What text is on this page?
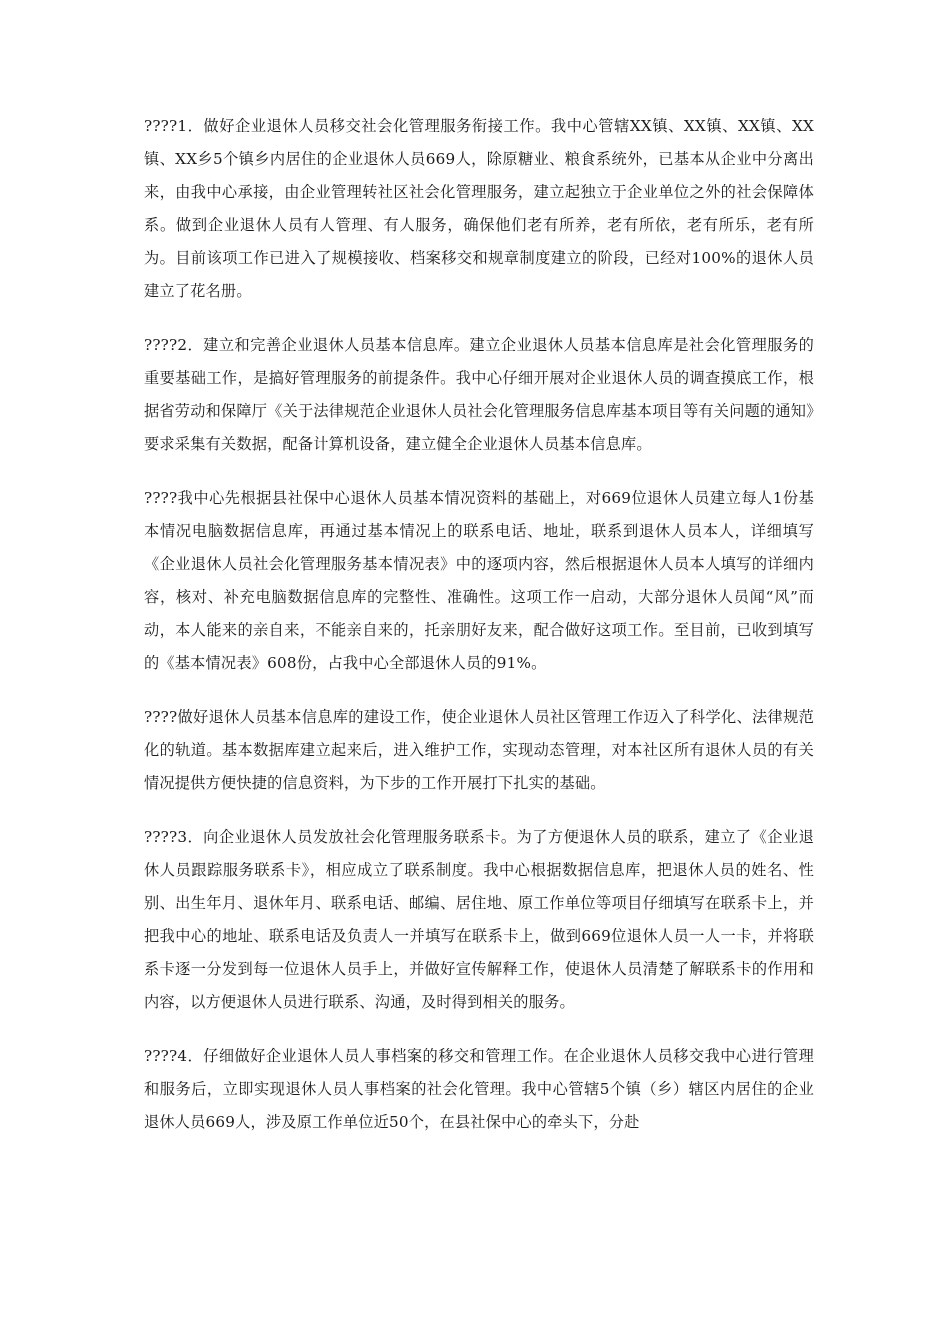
????1．做好企业退休人员移交社会化管理服务衔接工作。我中心管辖XX镇、XX镇、XX镇、XX镇、XX乡5个镇乡内居住的企业退休人员669人，除原糖业、粮食系统外，已基本从企业中分离出来，由我中心承接，由企业管理转社区社会化管理服务，建立起独立于企业单位之外的社会保障体系。做到企业退休人员有人管理、有人服务，确保他们老有所养，老有所依，老有所乐，老有所为。目前该项工作已进入了规模接收、档案移交和规章制度建立的阶段，已经对100%的退休人员建立了花名册。

????2．建立和完善企业退休人员基本信息库。建立企业退休人员基本信息库是社会化管理服务的重要基础工作，是搞好管理服务的前提条件。我中心仔细开展对企业退休人员的调查摸底工作，根据省劳动和保障厅《关于法律规范企业退休人员社会化管理服务信息库基本项目等有关问题的通知》要求采集有关数据，配备计算机设备，建立健全企业退休人员基本信息库。

????我中心先根据县社保中心退休人员基本情况资料的基础上，对669位退休人员建立每人1份基本情况电脑数据信息库，再通过基本情况上的联系电话、地址，联系到退休人员本人，详细填写《企业退休人员社会化管理服务基本情况表》中的逐项内容，然后根据退休人员本人填写的详细内容，核对、补充电脑数据信息库的完整性、准确性。这项工作一启动，大部分退休人员闻“风”而动，本人能来的亲自来，不能亲自来的，托亲朋好友来，配合做好这项工作。至目前，已收到填写的《基本情况表》608份，占我中心全部退休人员的91%。

????做好退休人员基本信息库的建设工作，使企业退休人员社区管理工作迈入了科学化、法律规范化的轨道。基本数据库建立起来后，进入维护工作，实现动态管理，对本社区所有退休人员的有关情况提供方便快捷的信息资料，为下步的工作开展打下扎实的基础。

????3．向企业退休人员发放社会化管理服务联系卡。为了方便退休人员的联系，建立了《企业退休人员跟踪服务联系卡》，相应成立了联系制度。我中心根据数据信息库，把退休人员的姓名、性别、出生年月、退休年月、联系电话、邮编、居住地、原工作单位等项目仔细填写在联系卡上，并把我中心的地址、联系电话及负责人一并填写在联系卡上，做到669位退休人员一人一卡，并将联系卡逐一分发到每一位退休人员手上，并做好宣传解释工作，使退休人员清楚了解联系卡的作用和内容，以方便退休人员进行联系、沟通，及时得到相关的服务。

????4．仔细做好企业退休人员人事档案的移交和管理工作。在企业退休人员移交我中心进行管理和服务后，立即实现退休人员人事档案的社会化管理。我中心管辖5个镇（乡）辖区内居住的企业退休人员669人，涉及原工作单位近50个，在县社保中心的牵头下，分赴
